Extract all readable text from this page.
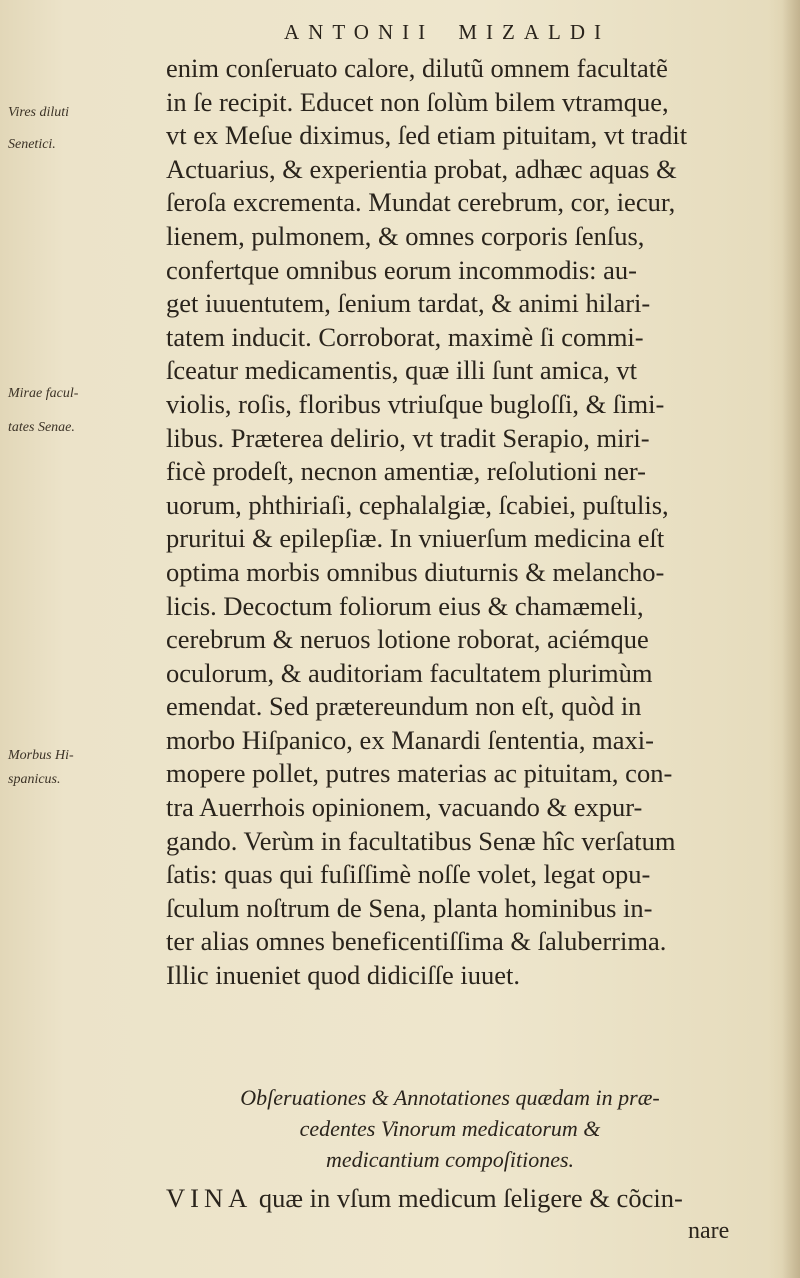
ANTONII MIZALDI
Vires diluti
Senetici.
Mirae facul-
tates Senae.
Morbus Hi-
spanicus.
enim conſeruato calore, dilutũ omnem facultatẽ
in ſe recipit. Educet non ſolùm bilem vtramque,
vt ex Meſue diximus, ſed etiam pituitam, vt tradit
Actuarius, & experientia probat, adhæc aquas &
ſeroſa excrementa. Mundat cerebrum, cor, iecur,
lienem, pulmonem, & omnes corporis ſenſus,
confertque omnibus eorum incommodis: au-
get iuuentutem, ſenium tardat, & animi hilari-
tatem inducit. Corroborat, maximè ſi commi-
ſceatur medicamentis, quæ illi ſunt amica, vt
violis, roſis, floribus vtriuſque bugloſſi, & ſimi-
libus. Præterea delirio, vt tradit Serapio, miri-
ficè prodeſt, necnon amentiæ, reſolutioni ner-
uorum, phthiriaſi, cephalalgiæ, ſcabiei, puſtulis,
pruritui & epilepſiæ. In vniuerſum medicina eſt
optima morbis omnibus diuturnis & melancho-
licis. Decoctum foliorum eius & chamæmeli,
cerebrum & neruos lotione roborat, aciémque
oculorum, & auditoriam facultatem plurimùm
emendat. Sed prætereundum non eſt, quòd in
morbo Hiſpanico, ex Manardi ſententia, maxi-
mopere pollet, putres materias ac pituitam, con-
tra Auerrhois opinionem, vacuando & expur-
gando. Verùm in facultatibus Senæ hîc verſatum
ſatis: quas qui fuſiſſimè noſſe volet, legat opu-
ſculum noſtrum de Sena, planta hominibus in-
ter alias omnes beneficentiſſima & ſaluberrima.
Illic inueniet quod didiciſſe iuuet.
Obſeruationes & Annotationes quædam in præ-
cedentes Vinorum medicatorum &
medicantium compoſitiones.
VINA quæ in vſum medicum ſeligere & cõcin-
nare
